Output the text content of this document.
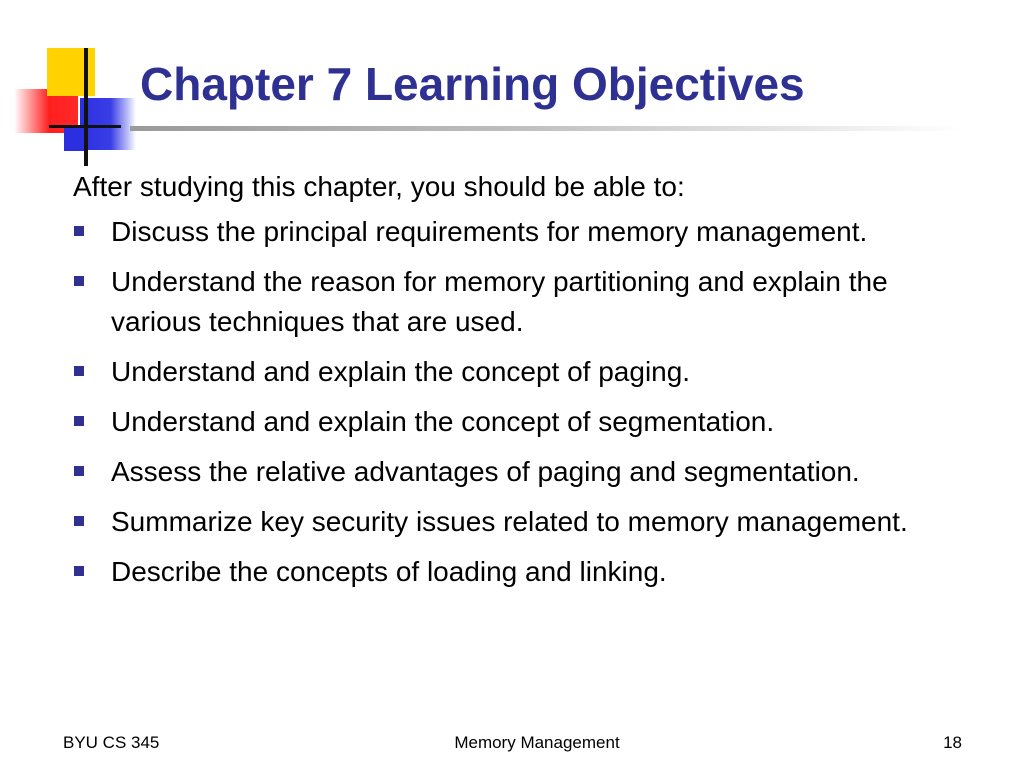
Chapter 7 Learning Objectives

After studying this chapter, you should be able to:

Discuss the principal requirements for memory management.
Understand the reason for memory partitioning and explain the various techniques that are used.
Understand and explain the concept of paging.
Understand and explain the concept of segmentation.
Assess the relative advantages of paging and segmentation.
Summarize key security issues related to memory management.
Describe the concepts of loading and linking.
BYU CS 345	Memory Management	18
